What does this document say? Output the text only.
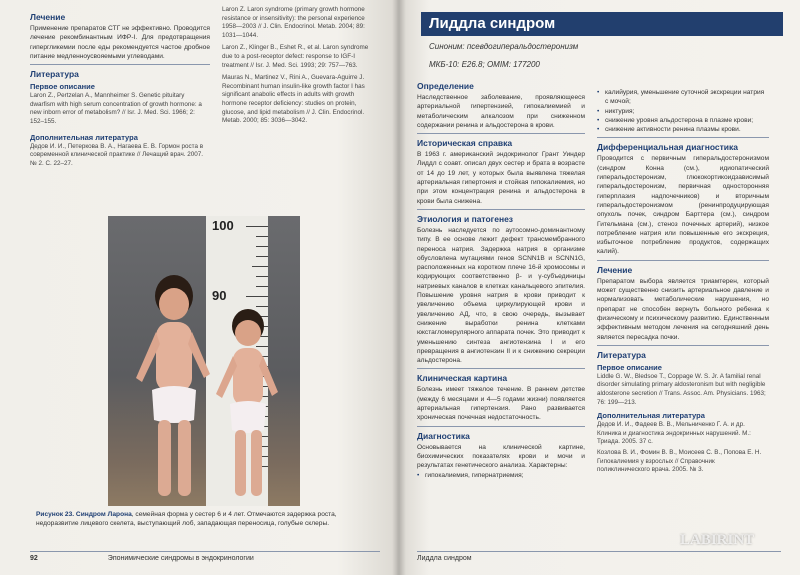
Лечение
Применение препаратов СТГ не эффективно. Проводится лечение рекомбинантным ИФР-I. Для предотвращения гипергликемии после еды рекомендуется частое дробное питание медленноусвояемыми углеводами.
Литература
Первое описание
Laron Z., Pertzelan A., Mannheimer S. Genetic pituitary dwarfism with high serum concentration of growth hormone: a new inborn error of metabolism? // Isr. J. Med. Sci. 1966; 2: 152–155.
Дополнительная литература
Дедов И. И., Петеркова В. А., Нагаева Е. В. Гормон роста в современной клинической практике // Лечащий врач. 2007. № 2. С. 22–27.
Laron Z. Laron syndrome (primary growth hormone resistance or insensitivity): the personal experience 1958—2003 // J. Clin. Endocrinol. Metab. 2004; 89: 1031—1044.
Laron Z., Klinger B., Eshet R., et al. Laron syndrome due to a post-receptor defect: response to IGF-I treatment // Isr. J. Med. Sci. 1993; 29: 757—763.
Mauras N., Martinez V., Rini A., Guevara-Aguirre J. Recombinant human insulin-like growth factor I has significant anabolic effects in adults with growth hormone receptor deficiency: studies on protein, glucose, and lipid metabolism // J. Clin. Endocrinol. Metab. 2000; 85: 3036—3042.
100
90
Рисунок 23. Синдром Ларона, семейная форма у сестер 6 и 4 лет. Отмечаются задержка роста, недоразвитие лицевого скелета, выступающий лоб, западающая переносица, голубые склеры.
92	Эпонимические синдромы в эндокринологии
Лиддла синдром
Синоним: псевдогиперальдостеронизм
МКБ-10: E26.8; OMIM: 177200
Определение
Наследственное заболевание, проявляющееся артериальной гипертензией, гипокалиемией и метаболическим алкалозом при сниженном содержании ренина и альдостерона в крови.
Историческая справка
В 1963 г. американский эндокринолог Грант Уиндер Лиддл с соавт. описал двух сестер и брата в возрасте от 14 до 19 лет, у которых была выявлена тяжелая артериальная гипертония и стойкая гипокалиемия, но при этом концентрация ренина и альдостерона в крови была снижена.
Этиология и патогенез
Болезнь наследуется по аутосомно-доминантному типу. В ее основе лежит дефект трансмембранного переноса натрия. Задержка натрия в организме обусловлена мутациями генов SCNN1B и SCNN1G, расположенных на коротком плече 16-й хромосомы и кодирующих соответственно β- и γ-субъединицы натриевых каналов в клетках канальцевого эпителия. Повышение уровня натрия в крови приводит к увеличению объема циркулирующей крови и увеличению АД, что, в свою очередь, вызывает снижение выработки ренина клетками юкстагломерулярного аппарата почек. Это приводит к уменьшению синтеза ангиотензина I и его превращения в ангиотензин II и к снижению секреции альдостерона.
Клиническая картина
Болезнь имеет тяжелое течение. В раннем детстве (между 6 месяцами и 4—5 годами жизни) появляется артериальная гипертензия. Рано развивается хроническая почечная недостаточность.
Диагностика
Основывается на клинической картине, биохимических показателях крови и мочи и результатах генетического анализа. Характерны:
• гипокалиемия, гипернатриемия;
• калийурия, уменьшение суточной экскреции натрия с мочой;
• никтурия;
• снижение уровня альдостерона в плазме крови;
• снижение активности ренина плазмы крови.
Дифференциальная диагностика
Проводится с первичным гиперальдостеронизмом (синдром Конна (см.), идиопатический гиперальдостеронизм, глюкокортикоидзависимый гиперальдостеронизм, первичная односторонняя гиперплазия надпочечников) и вторичным гиперальдостеронизмом (ренинпродуцирующая опухоль почек, синдром Барттера (см.), синдром Гительмана (см.), стеноз почечных артерий), низкое потребление натрия или повышенные его экскреция, избыточное потребление продуктов, содержащих калий).
Лечение
Препаратом выбора является триамтерен, который может существенно снизить артериальное давление и нормализовать метаболические нарушения, но препарат не способен вернуть больного ребенка к физическому и психическому развитию. Единственным эффективным методом лечения на сегодняшний день является пересадка почки.
Литература
Первое описание
Liddle G. W., Bledsoe T., Coppage W. S. Jr. A familial renal disorder simulating primary aldosteronism but with negligible aldosterone secretion // Trans. Assoc. Am. Physicians. 1963; 76: 199—213.
Дополнительная литература
Дедов И. И., Фадеев В. В., Мельниченко Г. А. и др. Клиника и диагностика эндокринных нарушений. М.: Триада. 2005. 37 с.
Козлова В. И., Фомин В. В., Моисеев С. В., Попова Е. Н. Гипокалиемия у взрослых // Справочник поликлинического врача. 2005. № 3.
Лиддла синдром
LABIRINT
